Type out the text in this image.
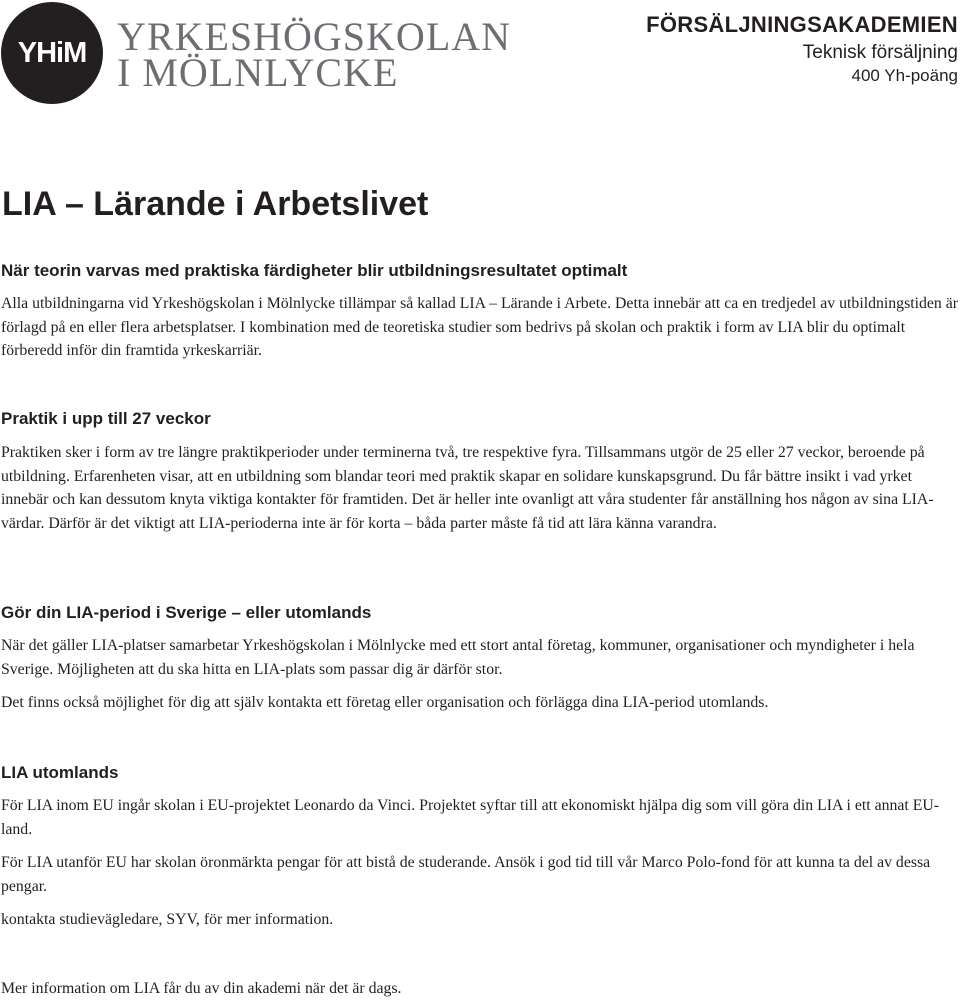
YHiM YRKESHÖGSKOLAN
I MÖLNLYCKE
FÖRSÄLJNINGSAKADEMIEN
Teknisk försäljning
400 Yh-poäng
LIA – Lärande i Arbetslivet
När teorin varvas med praktiska färdigheter blir utbildningsresultatet optimalt

Alla utbildningarna vid Yrkeshögskolan i Mölnlycke tillämpar så kallad LIA – Lärande i Arbete. Detta innebär att ca en tredjedel av utbildningstiden är förlagd på en eller flera arbetsplatser. I kombination med de teoretiska studier som bedrivs på skolan och praktik i form av LIA blir du optimalt förberedd inför din framtida yrkeskarriär.

Praktik i upp till 27 veckor

Praktiken sker i form av tre längre praktikperioder under terminerna två, tre respektive fyra. Tillsammans utgör de 25 eller 27 veckor, beroende på utbildning. Erfarenheten visar, att en utbildning som blandar teori med praktik skapar en solidare kunskapsgrund. Du får bättre insikt i vad yrket innebär och kan dessutom knyta viktiga kontakter för framtiden. Det är heller inte ovanligt att våra studenter får anställning hos någon av sina LIA-värdar. Därför är det viktigt att LIA-perioderna inte är för korta – båda parter måste få tid att lära känna varandra.

Gör din LIA-period i Sverige – eller utomlands

När det gäller LIA-platser samarbetar Yrkeshögskolan i Mölnlycke med ett stort antal företag, kommuner, organisationer och myndigheter i hela Sverige. Möjligheten att du ska hitta en LIA-plats som passar dig är därför stor.

Det finns också möjlighet för dig att själv kontakta ett företag eller organisation och förlägga dina LIA-period utomlands.

LIA utomlands

För LIA inom EU ingår skolan i EU-projektet Leonardo da Vinci. Projektet syftar till att ekonomiskt hjälpa dig som vill göra din LIA i ett annat EU-land.

För LIA utanför EU har skolan öronmärkta pengar för att bistå de studerande. Ansök i god tid till vår Marco Polo-fond för att kunna ta del av dessa pengar.

kontakta studievägledare, SYV, för mer information.

Mer information om LIA får du av din akademi när det är dags.
